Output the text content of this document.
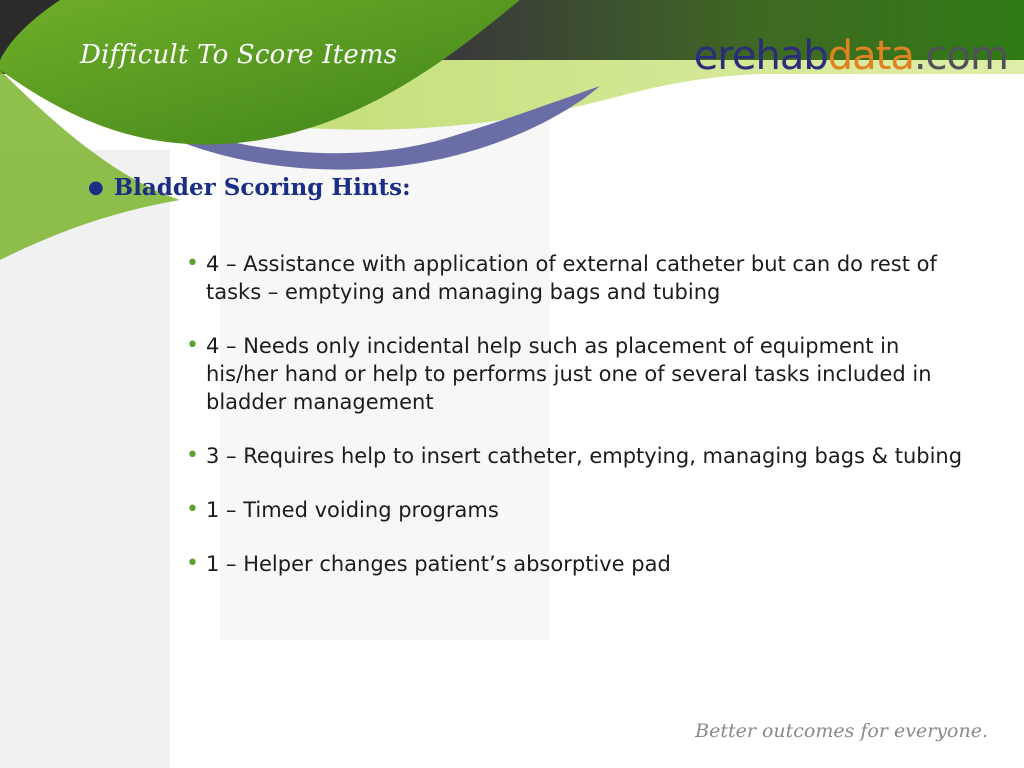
Difficult To Score Items	erehabdata.com
● Bladder Scoring Hints:
• 4 – Assistance with application of external catheter but can do rest of tasks – emptying and managing bags and tubing
• 4 – Needs only incidental help such as placement of equipment in his/her hand or help to performs just one of several tasks included in bladder management
• 3 – Requires help to insert catheter, emptying, managing bags & tubing
• 1 – Timed voiding programs
• 1 – Helper changes patient’s absorptive pad
Better outcomes for everyone.
